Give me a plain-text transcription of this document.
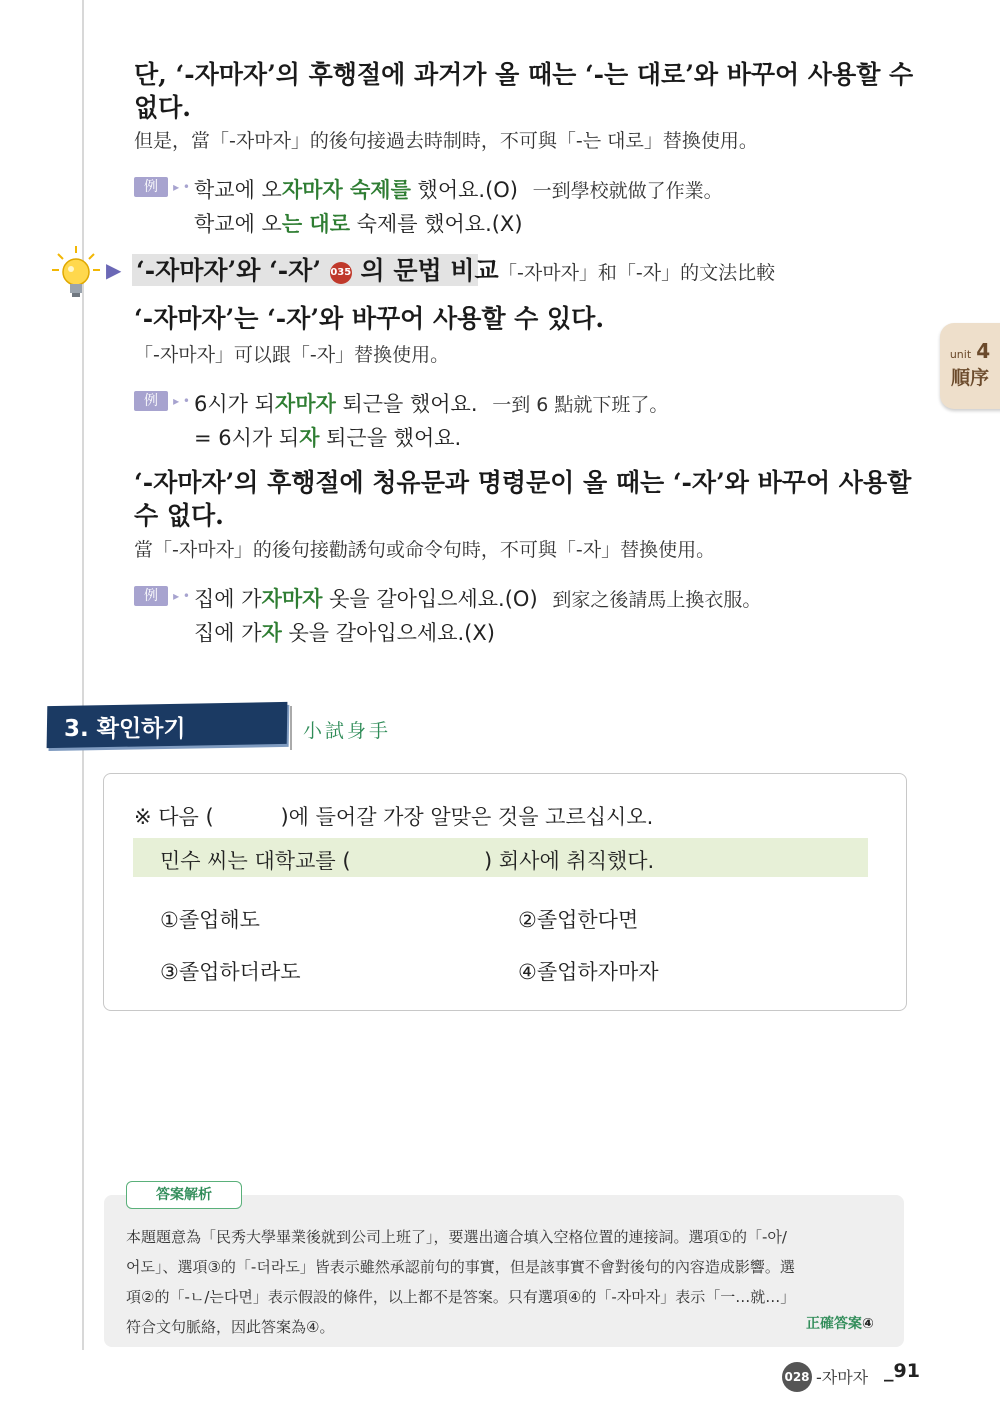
단, ‘-자마자’의 후행절에 과거가 올 때는 ‘-는 대로’와 바꾸어 사용할 수 없다.
但是，當「-자마자」的後句接過去時制時，不可與「-는 대로」替換使用。
例 ▸ • 학교에 오자마자 숙제를 했어요.(O) 一到學校就做了作業。
학교에 오는 대로 숙제를 했어요.(X)
▶ ‘-자마자’와 ‘-자’ 035 의 문법 비교 「-자마자」和「-자」的文法比較
‘-자마자’는 ‘-자’와 바꾸어 사용할 수 있다.
「-자마자」可以跟「-자」替換使用。
例 ▸ • 6시가 되자마자 퇴근을 했어요. 一到 6 點就下班了。
= 6시가 되자 퇴근을 했어요.
‘-자마자’의 후행절에 청유문과 명령문이 올 때는 ‘-자’와 바꾸어 사용할 수 없다.
當「-자마자」的後句接勸誘句或命令句時，不可與「-자」替換使用。
例 ▸ • 집에 가자마자 옷을 갈아입으세요.(O) 到家之後請馬上換衣服。
집에 가자 옷을 갈아입으세요.(X)
unit 4
順序
3. 확인하기	小試身手
※ 다음 (          )에 들어갈 가장 알맞은 것을 고르십시오.
민수 씨는 대학교를 (                    ) 회사에 취직했다.
①졸업해도	②졸업한다면
③졸업하더라도	④졸업하자마자
答案解析
本題題意為「民秀大學畢業後就到公司上班了」，要選出適合填入空格位置的連接詞。選項①的「-아/
어도」、選項③的「-더라도」皆表示雖然承認前句的事實，但是該事實不會對後句的內容造成影響。選
項②的「-ㄴ/는다면」表示假設的條件，以上都不是答案。只有選項④的「-자마자」表示「一…就…」
符合文句脈絡，因此答案為④。	正確答案④
028 -자마자 _91
